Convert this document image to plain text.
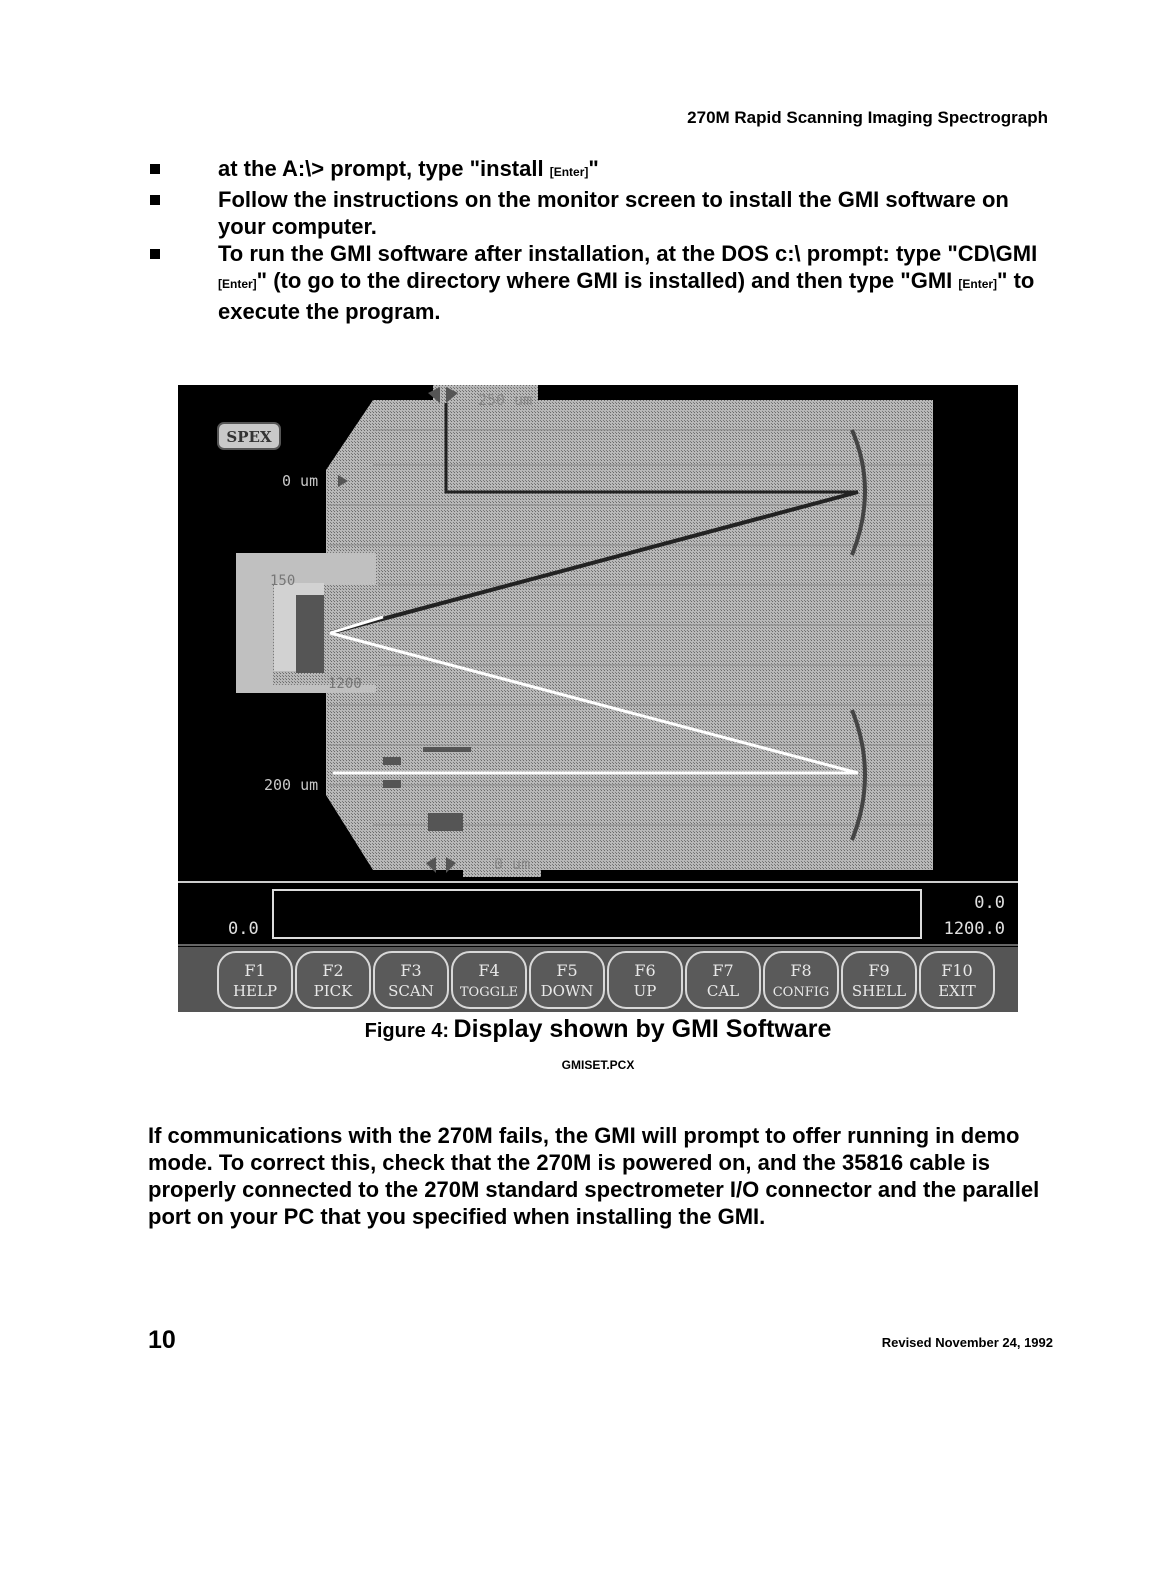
270M Rapid Scanning Imaging Spectrograph
at the A:\> prompt, type "install [Enter]"
Follow the instructions on the monitor screen to install the GMI software on your computer.
To run the GMI software after installation, at the DOS c:\ prompt: type "CD\GMI [Enter]" (to go to the directory where GMI is installed) and then type "GMI [Enter]" to execute the program.
SPEX
250 um
0 um
200 um
0 um
150
1200
0.0
0.0
1200.0
F1
HELP
F2
PICK
F3
SCAN
F4
TOGGLE
F5
DOWN
F6
UP
F7
CAL
F8
CONFIG
F9
SHELL
F10
EXIT
Figure 4: Display shown by GMI Software
GMISET.PCX

If communications with the 270M fails, the GMI will prompt to offer running in demo mode. To correct this, check that the 270M is powered on, and the 35816 cable is properly connected to the 270M standard spectrometer I/O connector and the parallel port on your PC that you specified when installing the GMI.

10	Revised November 24, 1992
